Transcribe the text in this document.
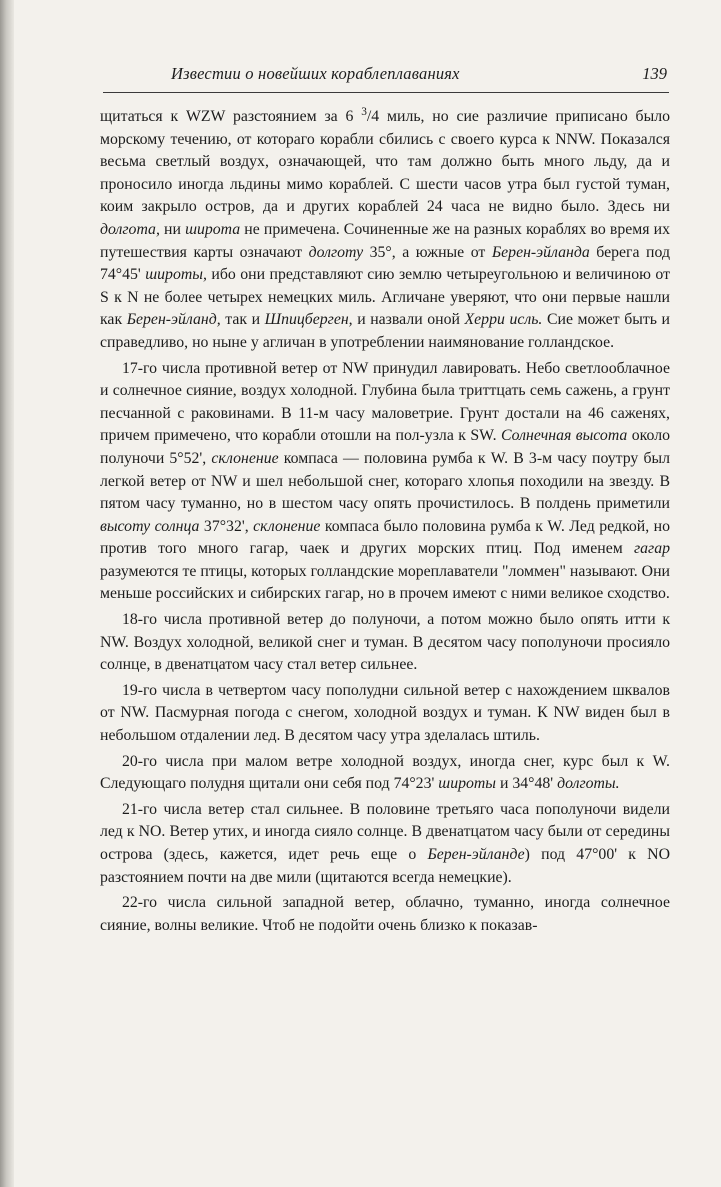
Известии о новейших кораблеплаваниях	139

щитаться к WZW разстоянием за 6 $^3$/4 миль, но сие различие приписано было морскому течению, от котораго корабли сбились с своего курса к NNW. Показался весьма светлый воздух, означающей, что там должно быть много льду, да и проносило иногда льдины мимо кораблей. С шести часов утра был густой туман, коим закрыло остров, да и других кораблей 24 часа не видно было. Здесь ни долгота, ни широта не примечена. Сочиненные же на разных кораблях во время их путешествия карты означают долготу 35°, а южные от Берен-эйланда берега под 74°45' широты, ибо они представляют сию землю четыреугольною и величиною от S к N не более четырех немецких миль. Агличане уверяют, что они первые нашли как Берен-эйланд, так и Шпицберген, и назвали оной Херри исль. Сие может быть и справедливо, но ныне у агличан в употреблении наимянование голландское.

17-го числа противной ветер от NW принудил лавировать. Небо светлооблачное и солнечное сияние, воздух холодной. Глубина была триттцать семь сажень, а грунт песчанной с раковинами. В 11-м часу маловетрие. Грунт достали на 46 саженях, причем примечено, что корабли отошли на пол-узла к SW. Солнечная высота около полуночи 5°52', склонение компаса — половина румба к W. В 3-м часу поутру был легкой ветер от NW и шел небольшой снег, котораго хлопья походили на звезду. В пятом часу туманно, но в шестом часу опять прочистилось. В полдень приметили высоту солнца 37°32', склонение компаса было половина румба к W. Лед редкой, но против того много гагар, чаек и других морских птиц. Под именем гагар разумеются те птицы, которых голландские мореплаватели "ломмен" называют. Они меньше российских и сибирских гагар, но в прочем имеют с ними великое сходство.

18-го числа противной ветер до полуночи, а потом можно было опять итти к NW. Воздух холодной, великой снег и туман. В десятом часу пополуночи просияло солнце, в двенатцатом часу стал ветер сильнее.

19-го числа в четвертом часу пополудни сильной ветер с нахождением шквалов от NW. Пасмурная погода с снегом, холодной воздух и туман. К NW виден был в небольшом отдалении лед. В десятом часу утра зделалась штиль.

20-го числа при малом ветре холодной воздух, иногда снег, курс был к W. Следующаго полудня щитали они себя под 74°23' широты и 34°48' долготы.

21-го числа ветер стал сильнее. В половине третьяго часа пополуночи видели лед к NO. Ветер утих, и иногда сияло солнце. В двенатцатом часу были от середины острова (здесь, кажется, идет речь еще о Берен-эйланде) под 47°00' к NO разстоянием почти на две мили (щитаются всегда немецкие).

22-го числа сильной западной ветер, облачно, туманно, иногда солнечное сияние, волны великие. Чтоб не подойти очень близко к показав-
